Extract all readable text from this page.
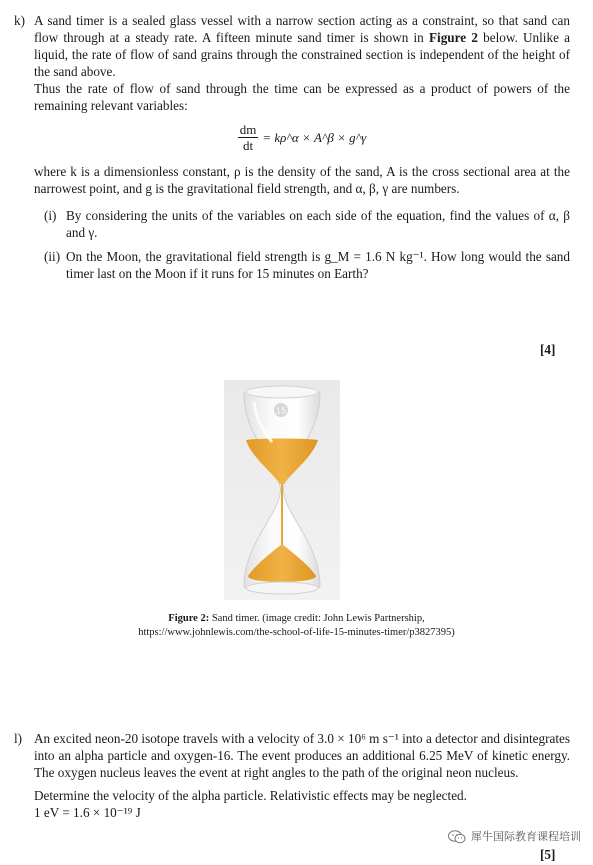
k) A sand timer is a sealed glass vessel with a narrow section acting as a constraint, so that sand can flow through at a steady rate. A fifteen minute sand timer is shown in Figure 2 below. Unlike a liquid, the rate of flow of sand grains through the constrained section is independent of the height of the sand above.

Thus the rate of flow of sand through the time can be expressed as a product of powers of the remaining relevant variables:

$\frac{dm}{dt}$ = kρ^α × A^β × g^γ

where k is a dimensionless constant, ρ is the density of the sand, A is the cross sectional area at the narrowest point, and g is the gravitational field strength, and α, β, γ are numbers.

(i) By considering the units of the variables on each side of the equation, find the values of α, β and γ.
(ii) On the Moon, the gravitational field strength is g_M = 1.6 N kg⁻¹. How long would the sand timer last on the Moon if it runs for 15 minutes on Earth?
[4]
15
Figure 2: Sand timer. (image credit: John Lewis Partnership,
https://www.johnlewis.com/the-school-of-life-15-minutes-timer/p3827395)
l) An excited neon-20 isotope travels with a velocity of 3.0 × 10⁶ m s⁻¹ into a detector and disintegrates into an alpha particle and oxygen-16. The event produces an additional 6.25 MeV of kinetic energy. The oxygen nucleus leaves the event at right angles to the path of the original neon nucleus.

Determine the velocity of the alpha particle. Relativistic effects may be neglected.

1 eV = 1.6 × 10⁻¹⁹ J

[5]
犀牛国际教育课程培训
